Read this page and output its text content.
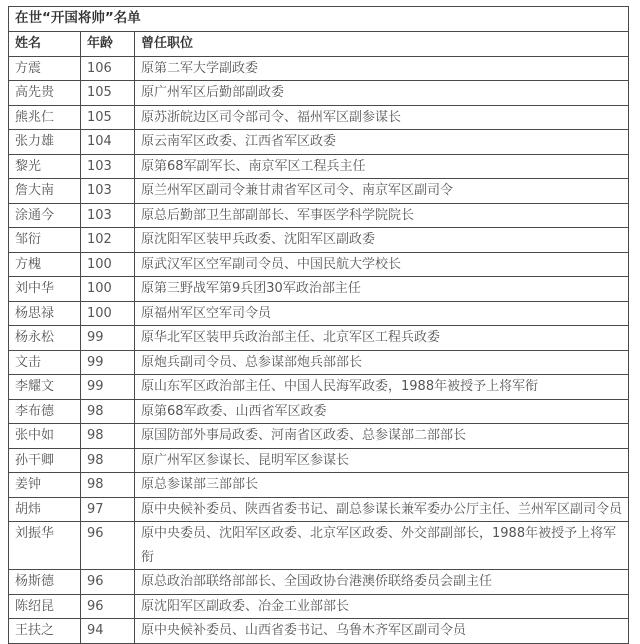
在世“开国将帅”名单		
姓名	年龄	曾任职位
方震	106	原第二军大学副政委
高先贵	105	原广州军区后勤部副政委
熊兆仁	105	原苏浙皖边区司令部司令、福州军区副参谋长
张力雄	104	原云南军区政委、江西省军区政委
黎光	103	原第68军副军长、南京军区工程兵主任
詹大南	103	原兰州军区副司令兼甘肃省军区司令、南京军区副司令
涂通今	103	原总后勤部卫生部副部长、军事医学科学院院长
邹衍	102	原沈阳军区装甲兵政委、沈阳军区副政委
方槐	100	原武汉军区空军副司令员、中国民航大学校长
刘中华	100	原第三野战军第9兵团30军政治部主任
杨思禄	100	原福州军区空军司令员
杨永松	99	原华北军区装甲兵政治部主任、北京军区工程兵政委
文击	99	原炮兵副司令员、总参谋部炮兵部部长
李耀文	99	原山东军区政治部主任、中国人民海军政委，1988年被授予上将军衔
李布德	98	原第68军政委、山西省军区政委
张中如	98	原国防部外事局政委、河南省区政委、总参谋部二部部长
孙干卿	98	原广州军区参谋长、昆明军区参谋长
姜钟	98	原总参谋部三部部长
胡炜	97	原中央候补委员、陕西省委书记、副总参谋长兼军委办公厅主任、兰州军区副司令员
刘振华	96	原中央委员、沈阳军区政委、北京军区政委、外交部副部长，1988年被授予上将军衔
杨斯德	96	原总政治部联络部部长、全国政协台港澳侨联络委员会副主任
陈绍昆	96	原沈阳军区副政委、冶金工业部部长
王扶之	94	原中央候补委员、山西省委书记、乌鲁木齐军区副司令员
